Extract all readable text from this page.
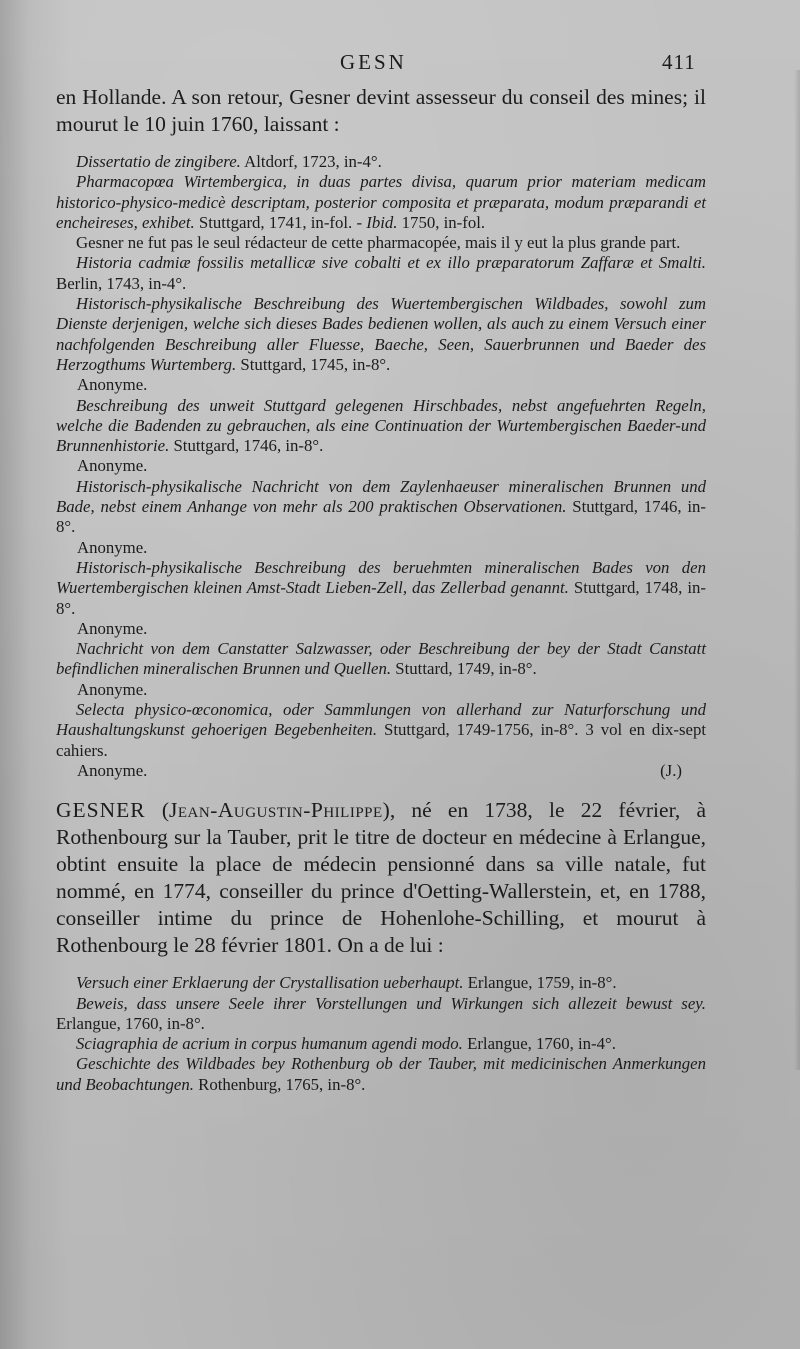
GESN	411

en Hollande. A son retour, Gesner devint assesseur du conseil des mines; il mourut le 10 juin 1760, laissant :

Dissertatio de zingibere. Altdorf, 1723, in-4°.

Pharmacopœa Wirtembergica, in duas partes divisa, quarum prior materiam medicam historico-physico-medicè descriptam, posterior composita et præparata, modum præparandi et encheireses, exhibet. Stuttgard, 1741, in-fol. - Ibid. 1750, in-fol.

Gesner ne fut pas le seul rédacteur de cette pharmacopée, mais il y eut la plus grande part.

Historia cadmiæ fossilis metallicæ sive cobalti et ex illo præparatorum Zaffaræ et Smalti. Berlin, 1743, in-4°.

Historisch-physikalische Beschreibung des Wuertembergischen Wildbades, sowohl zum Dienste derjenigen, welche sich dieses Bades bedienen wollen, als auch zu einem Versuch einer nachfolgenden Beschreibung aller Fluesse, Baeche, Seen, Sauerbrunnen und Baeder des Herzogthums Wurtemberg. Stuttgard, 1745, in-8°.

Anonyme.

Beschreibung des unweit Stuttgard gelegenen Hirschbades, nebst angefuehrten Regeln, welche die Badenden zu gebrauchen, als eine Continuation der Wurtembergischen Baeder-und Brunnenhistorie. Stuttgard, 1746, in-8°.

Anonyme.

Historisch-physikalische Nachricht von dem Zaylenhaeuser mineralischen Brunnen und Bade, nebst einem Anhange von mehr als 200 praktischen Observationen. Stuttgard, 1746, in-8°.

Anonyme.

Historisch-physikalische Beschreibung des beruehmten mineralischen Bades von den Wuertembergischen kleinen Amst-Stadt Lieben-Zell, das Zellerbad genannt. Stuttgard, 1748, in-8°.

Anonyme.

Nachricht von dem Canstatter Salzwasser, oder Beschreibung der bey der Stadt Canstatt befindlichen mineralischen Brunnen und Quellen. Stuttard, 1749, in-8°.

Anonyme.

Selecta physico-œconomica, oder Sammlungen von allerhand zur Naturforschung und Haushaltungskunst gehoerigen Begebenheiten. Stuttgard, 1749-1756, in-8°. 3 vol en dix-sept cahiers.

Anonyme.	(J.)

GESNER (Jean-Augustin-Philippe), né en 1738, le 22 février, à Rothenbourg sur la Tauber, prit le titre de docteur en médecine à Erlangue, obtint ensuite la place de médecin pensionné dans sa ville natale, fut nommé, en 1774, conseiller du prince d'Oetting-Wallerstein, et, en 1788, conseiller intime du prince de Hohenlohe-Schilling, et mourut à Rothenbourg le 28 février 1801. On a de lui :

Versuch einer Erklaerung der Crystallisation ueberhaupt. Erlangue, 1759, in-8°.

Beweis, dass unsere Seele ihrer Vorstellungen und Wirkungen sich allezeit bewust sey. Erlangue, 1760, in-8°.

Sciagraphia de acrium in corpus humanum agendi modo. Erlangue, 1760, in-4°.

Geschichte des Wildbades bey Rothenburg ob der Tauber, mit medicinischen Anmerkungen und Beobachtungen. Rothenburg, 1765, in-8°.
